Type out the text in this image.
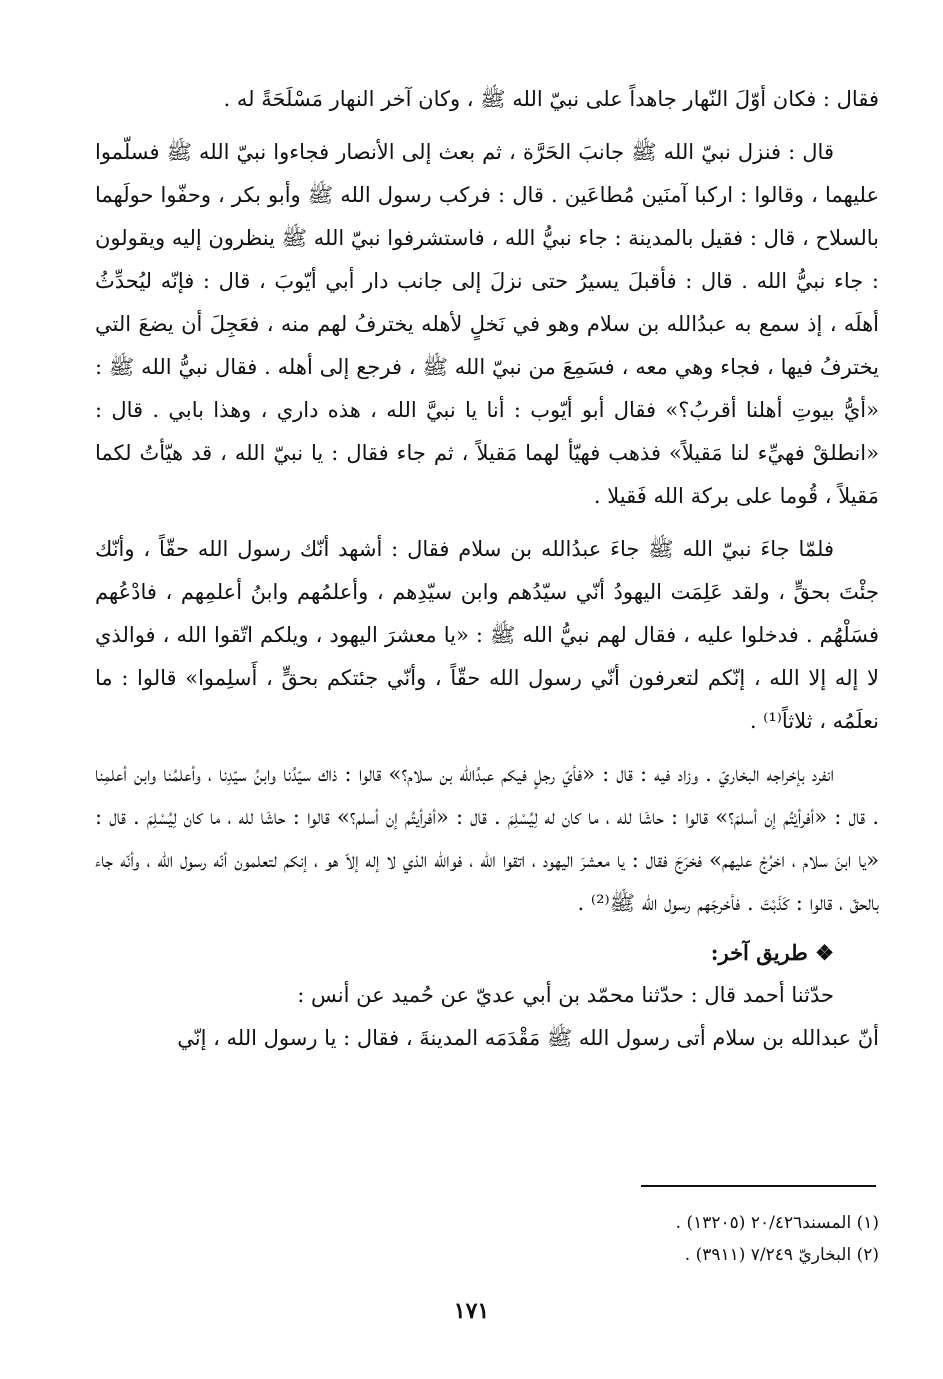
فقال : فكان أوّلَ النّهار جاهداً على نبيّ الله ﷺ ، وكان آخر النهار مَسْلَحَةً له .

قال : فنزل نبيّ الله ﷺ جانبَ الحَرَّة ، ثم بعث إلى الأنصار فجاءوا نبيّ الله ﷺ فسلّموا عليهما ، وقالوا : اركبا آمنَين مُطاعَين . قال : فركب رسول الله ﷺ وأبو بكر ، وحفّوا حولَهما بالسلاح ، قال : فقيل بالمدينة : جاء نبيُّ الله ، فاستشرفوا نبيّ الله ﷺ ينظرون إليه ويقولون : جاء نبيُّ الله . قال : فأقبلَ يسيرُ حتى نزلَ إلى جانب دار أبي أيّوبَ ، قال : فإنّه ليُحدِّثُ أهلَه ، إذ سمع به عبدُالله بن سلام وهو في نَخلٍ لأهله يخترفُ لهم منه ، فعَجِلَ أن يضعَ التي يخترفُ فيها ، فجاء وهي معه ، فسَمِعَ من نبيّ الله ﷺ ، فرجع إلى أهله . فقال نبيُّ الله ﷺ : «أيُّ بيوتِ أهلنا أقربُ؟» فقال أبو أيّوب : أنا يا نبيَّ الله ، هذه داري ، وهذا بابي . قال : «انطلقْ فهيِّء لنا مَقيلاً» فذهب فهيّأ لهما مَقيلاً ، ثم جاء فقال : يا نبيّ الله ، قد هيّأتُ لكما مَقيلاً ، قُوما على بركة الله فَقيلا .

فلمّا جاءَ نبيّ الله ﷺ جاءَ عبدُالله بن سلام فقال : أشهد أنّك رسول الله حقّاً ، وأنّك جئْتَ بحقٍّ ، ولقد عَلِمَت اليهودُ أنّي سيّدُهم وابن سيّدِهم ، وأعلمُهم وابنُ أعلمِهم ، فادْعُهم فسَلْهُم . فدخلوا عليه ، فقال لهم نبيُّ الله ﷺ : «يا معشرَ اليهود ، ويلكم اتّقوا الله ، فوالذي لا إله إلا الله ، إنّكم لتعرفون أنّي رسول الله حقّاً ، وأنّي جئتكم بحقٍّ ، أَسلِموا» قالوا : ما نعلَمُه ، ثلاثاً⁽¹⁾ .

انفرد بإخراجه البخاريّ . وزاد فيه : قال : «فأيّ رجلٍ فيكم عبدُالله بن سلام؟» قالوا : ذاك سيّدُنا وابنُ سيّدِنا ، وأعلمُنا وابن أعلمِنا . قال : «أفرأيْتُم إن أسلمَ؟» قالوا : حاشَا لله ، ما كان له لِيُسْلِمَ . قال : «أفرأيتُم إن أسلم؟» قالوا : حاشَا لله ، ما كان لِيُسْلِمَ . قال : «يا ابنَ سلام ، اخرُجْ عليهم» فخرَجَ فقال : يا معشرَ اليهود ، اتقوا الله ، فوالله الذي لا إله إلاّ هو ، إنكم لتعلمون أنّه رسول الله ، وأنّه جاء بالحقّ ، قالوا : كَذَبْتَ . فأخرجَهم رسول الله ﷺ⁽²⁾ .

❖ طريق آخر:

حدّثنا أحمد قال : حدّثنا محمّد بن أبي عديّ عن حُميد عن أنس :

أنّ عبدالله بن سلام أتى رسول الله ﷺ مَقْدَمَه المدينةَ ، فقال : يا رسول الله ، إنّي

(١) المسند٢٠/٤٢٦ (١٣٢٠٥) .

(٢) البخاريّ ٧/٢٤٩ (٣٩١١) .

١٧١
